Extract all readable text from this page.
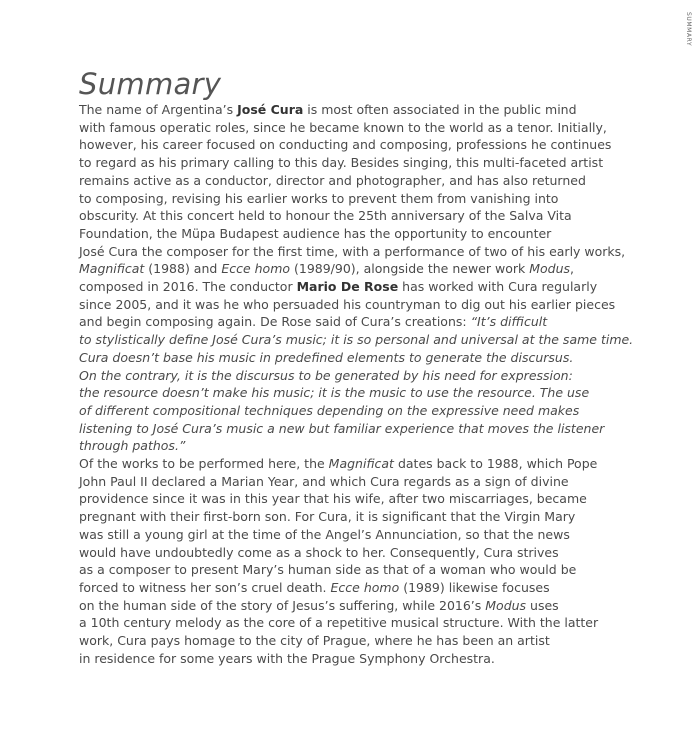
SUMMARY
Summary
The name of Argentina’s José Cura is most often associated in the public mind
with famous operatic roles, since he became known to the world as a tenor. Initially,
however, his career focused on conducting and composing, professions he continues
to regard as his primary calling to this day. Besides singing, this multi-faceted artist
remains active as a conductor, director and photographer, and has also returned
to composing, revising his earlier works to prevent them from vanishing into
obscurity. At this concert held to honour the 25th anniversary of the Salva Vita
Foundation, the Müpa Budapest audience has the opportunity to encounter
José Cura the composer for the first time, with a performance of two of his early works,
Magnificat (1988) and Ecce homo (1989/90), alongside the newer work Modus,
composed in 2016. The conductor Mario De Rose has worked with Cura regularly
since 2005, and it was he who persuaded his countryman to dig out his earlier pieces
and begin composing again. De Rose said of Cura’s creations: “It’s difficult
to stylistically define José Cura’s music; it is so personal and universal at the same time.
Cura doesn’t base his music in predefined elements to generate the discursus.
On the contrary, it is the discursus to be generated by his need for expression:
the resource doesn’t make his music; it is the music to use the resource. The use
of different compositional techniques depending on the expressive need makes
listening to José Cura’s music a new but familiar experience that moves the listener
through pathos.”
Of the works to be performed here, the Magnificat dates back to 1988, which Pope
John Paul II declared a Marian Year, and which Cura regards as a sign of divine
providence since it was in this year that his wife, after two miscarriages, became
pregnant with their first-born son. For Cura, it is significant that the Virgin Mary
was still a young girl at the time of the Angel’s Annunciation, so that the news
would have undoubtedly come as a shock to her. Consequently, Cura strives
as a composer to present Mary’s human side as that of a woman who would be
forced to witness her son’s cruel death. Ecce homo (1989) likewise focuses
on the human side of the story of Jesus’s suffering, while 2016’s Modus uses
a 10th century melody as the core of a repetitive musical structure. With the latter
work, Cura pays homage to the city of Prague, where he has been an artist
in residence for some years with the Prague Symphony Orchestra.
